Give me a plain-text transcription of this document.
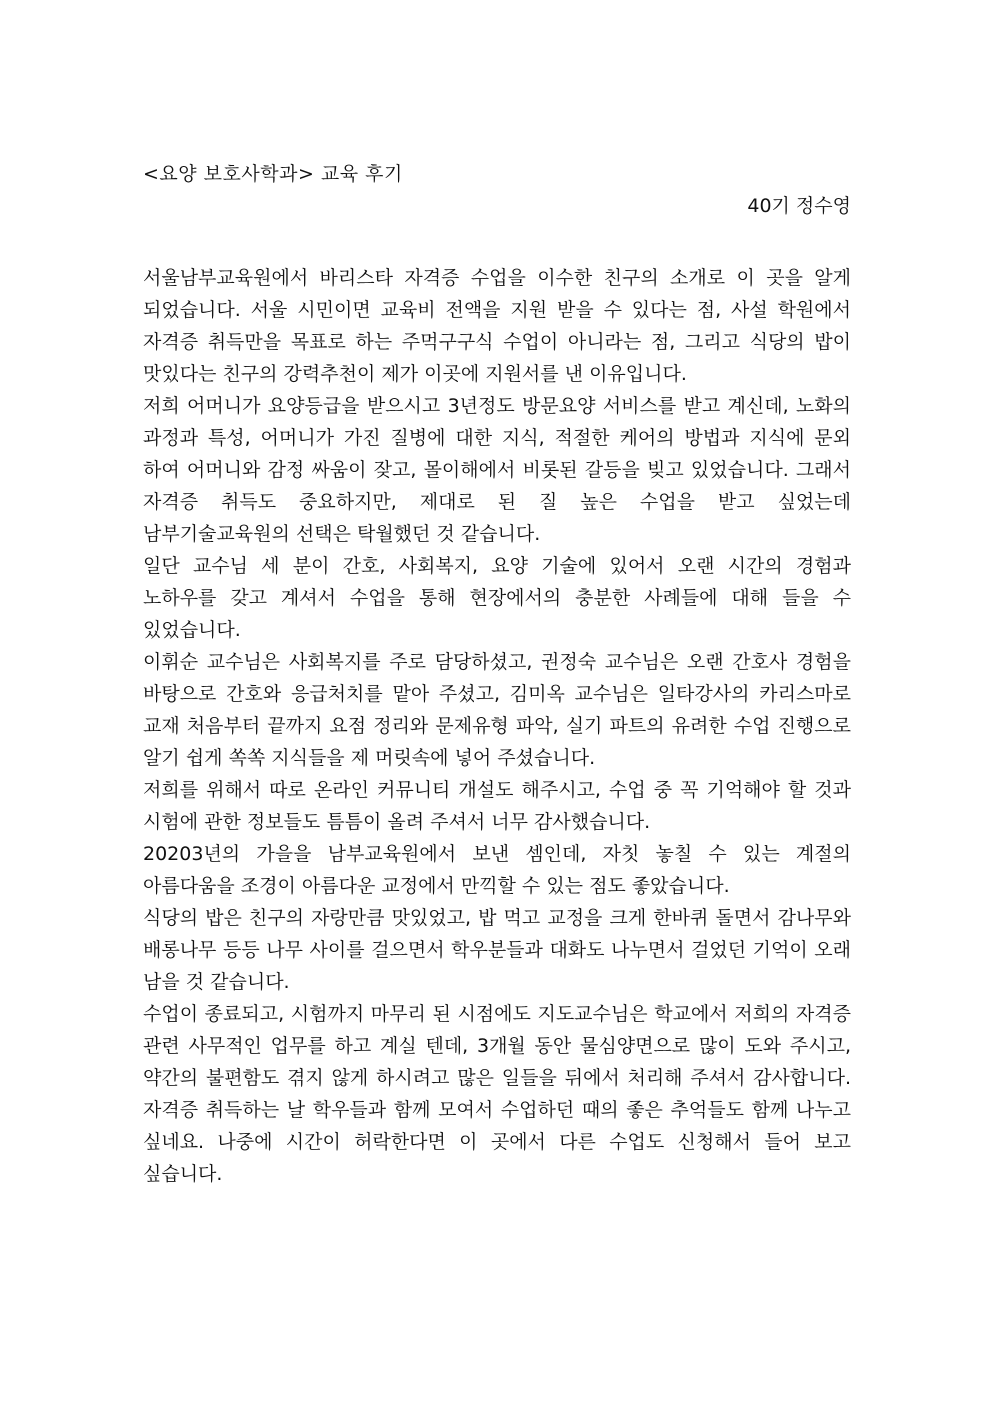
<요양 보호사학과> 교육 후기

40기 정수영

서울남부교육원에서 바리스타 자격증 수업을 이수한 친구의 소개로 이 곳을 알게 되었습니다. 서울 시민이면 교육비 전액을 지원 받을 수 있다는 점, 사설 학원에서 자격증 취득만을 목표로 하는 주먹구구식 수업이 아니라는 점, 그리고 식당의 밥이 맛있다는 친구의 강력추천이 제가 이곳에 지원서를 낸 이유입니다.

저희 어머니가 요양등급을 받으시고 3년정도 방문요양 서비스를 받고 계신데, 노화의 과정과 특성, 어머니가 가진 질병에 대한 지식, 적절한 케어의 방법과 지식에 문외 하여 어머니와 감정 싸움이 잦고, 몰이해에서 비롯된 갈등을 빚고 있었습니다. 그래서 자격증 취득도 중요하지만, 제대로 된 질 높은 수업을 받고 싶었는데 남부기술교육원의 선택은 탁월했던 것 같습니다.

일단 교수님 세 분이 간호, 사회복지, 요양 기술에 있어서 오랜 시간의 경험과 노하우를 갖고 계셔서 수업을 통해 현장에서의 충분한 사례들에 대해 들을 수 있었습니다.

이휘순 교수님은 사회복지를 주로 담당하셨고, 권정숙 교수님은 오랜 간호사 경험을 바탕으로 간호와 응급처치를 맡아 주셨고, 김미옥 교수님은 일타강사의 카리스마로 교재 처음부터 끝까지 요점 정리와 문제유형 파악, 실기 파트의 유려한 수업 진행으로 알기 쉽게 쏙쏙 지식들을 제 머릿속에 넣어 주셨습니다.

저희를 위해서 따로 온라인 커뮤니티 개설도 해주시고, 수업 중 꼭 기억해야 할 것과 시험에 관한 정보들도 틈틈이 올려 주셔서 너무 감사했습니다.

20203년의 가을을 남부교육원에서 보낸 셈인데, 자칫 놓칠 수 있는 계절의 아름다움을 조경이 아름다운 교정에서 만끽할 수 있는 점도 좋았습니다.

식당의 밥은 친구의 자랑만큼 맛있었고, 밥 먹고 교정을 크게 한바퀴 돌면서 감나무와 배롱나무 등등 나무 사이를 걸으면서 학우분들과 대화도 나누면서 걸었던 기억이 오래 남을 것 같습니다.

수업이 종료되고, 시험까지 마무리 된 시점에도 지도교수님은 학교에서 저희의 자격증 관련 사무적인 업무를 하고 계실 텐데, 3개월 동안 물심양면으로 많이 도와 주시고, 약간의 불편함도 겪지 않게 하시려고 많은 일들을 뒤에서 처리해 주셔서 감사합니다. 자격증 취득하는 날 학우들과 함께 모여서 수업하던 때의 좋은 추억들도 함께 나누고 싶네요. 나중에 시간이 허락한다면 이 곳에서 다른 수업도 신청해서 들어 보고 싶습니다.
